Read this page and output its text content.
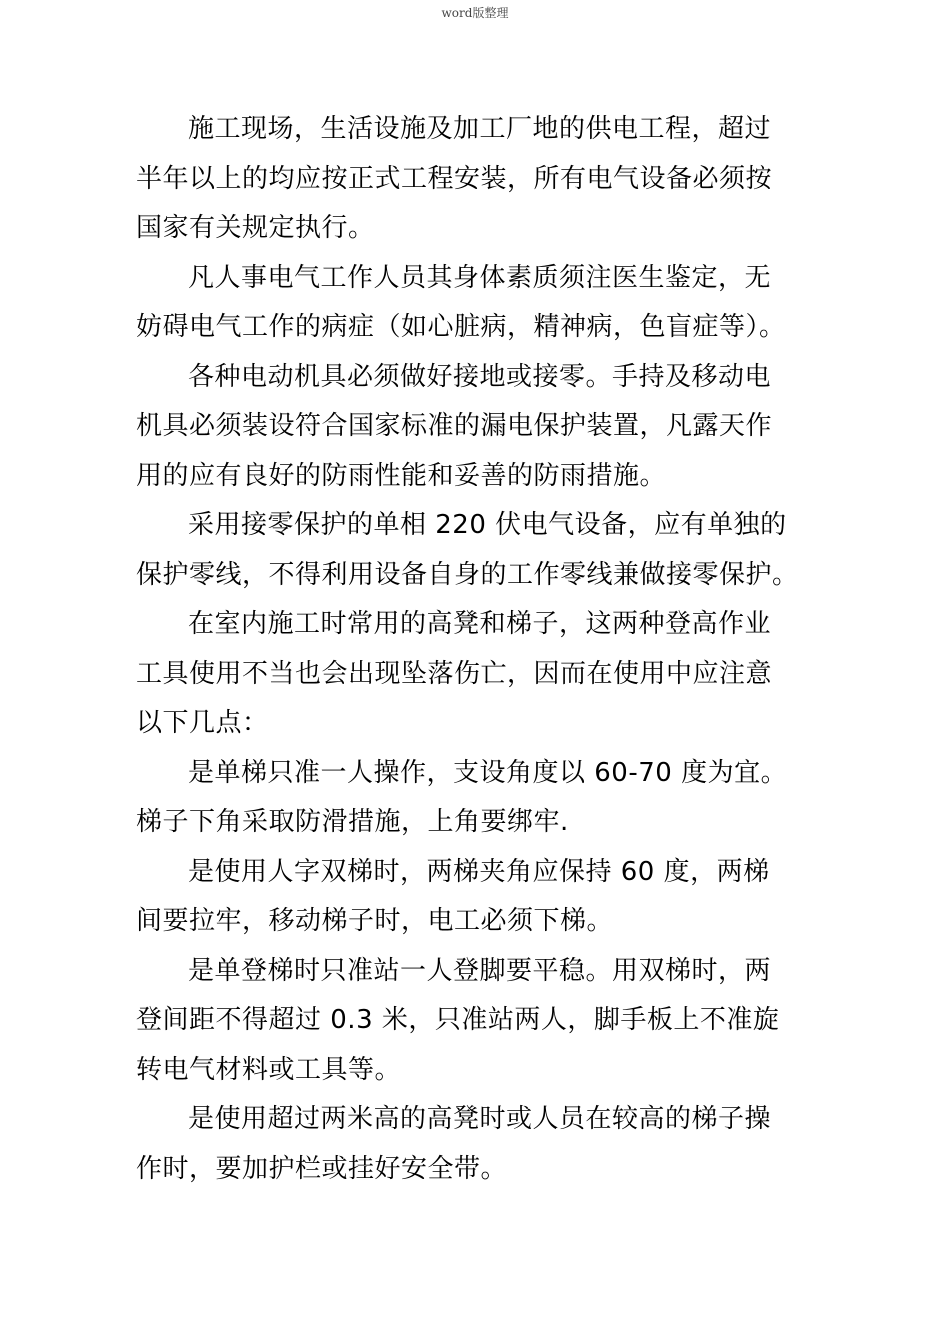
word版整理
施工现场，生活设施及加工厂地的供电工程，超过
半年以上的均应按正式工程安装，所有电气设备必须按
国家有关规定执行。
凡人事电气工作人员其身体素质须注医生鉴定，无
妨碍电气工作的病症（如心脏病，精神病，色盲症等）。
各种电动机具必须做好接地或接零。手持及移动电
机具必须装设符合国家标准的漏电保护装置，凡露天作
用的应有良好的防雨性能和妥善的防雨措施。
采用接零保护的单相 220 伏电气设备，应有单独的
保护零线，不得利用设备自身的工作零线兼做接零保护。
在室内施工时常用的高凳和梯子，这两种登高作业
工具使用不当也会出现坠落伤亡，因而在使用中应注意
以下几点：
是单梯只准一人操作，支设角度以 60-70 度为宜。
梯子下角采取防滑措施，上角要绑牢.
是使用人字双梯时，两梯夹角应保持 60 度，两梯
间要拉牢，移动梯子时，电工必须下梯。
是单登梯时只准站一人登脚要平稳。用双梯时，两
登间距不得超过 0.3 米，只准站两人，脚手板上不准旋
转电气材料或工具等。
是使用超过两米高的高凳时或人员在较高的梯子操
作时，要加护栏或挂好安全带。
